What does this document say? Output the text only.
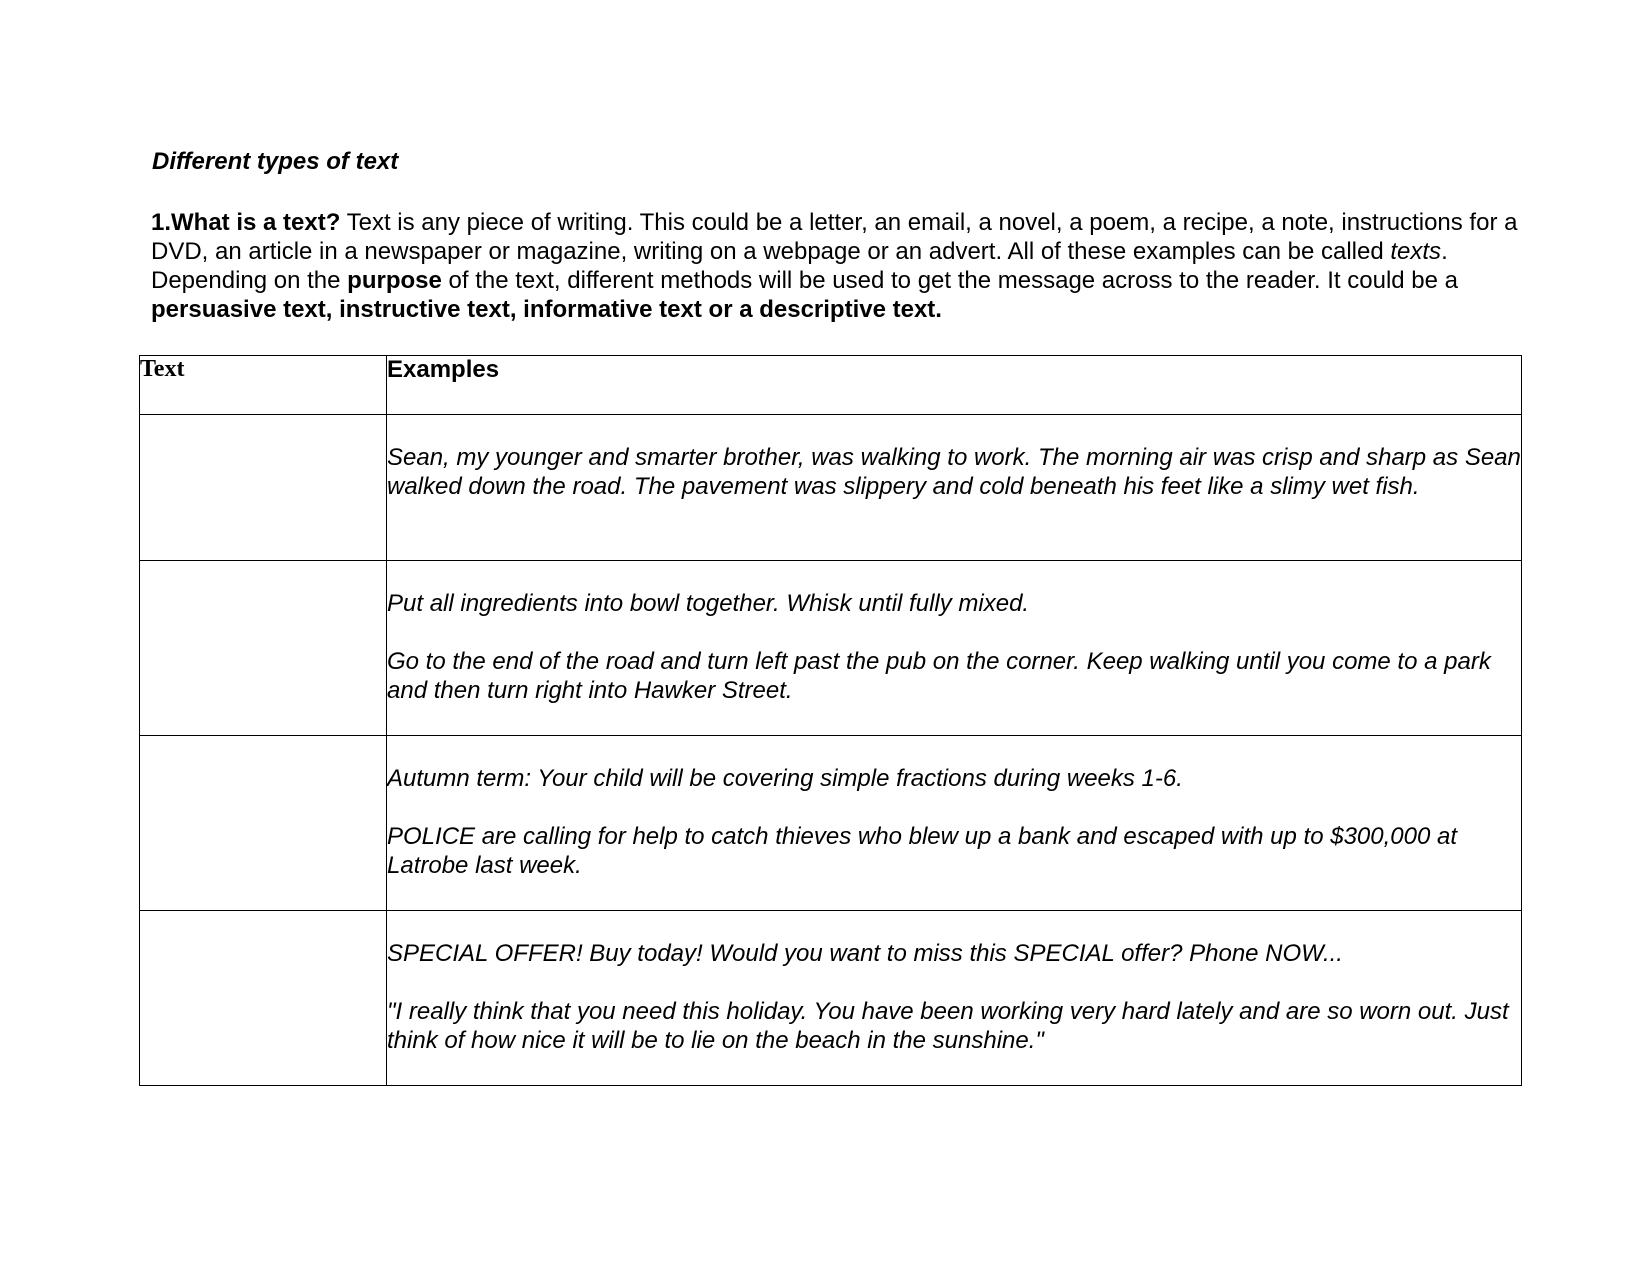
Different types of text

1.What is a text? Text is any piece of writing. This could be a letter, an email, a novel, a poem, a recipe, a note, instructions for a DVD, an article in a newspaper or magazine, writing on a webpage or an advert. All of these examples can be called texts. Depending on the purpose of the text, different methods will be used to get the message across to the reader. It could be a persuasive text, instructive text, informative text or a descriptive text.

Text	Examples

	Sean, my younger and smarter brother, was walking to work. The morning air was crisp and sharp as Sean walked down the road. The pavement was slippery and cold beneath his feet like a slimy wet fish.

	Put all ingredients into bowl together. Whisk until fully mixed.

Go to the end of the road and turn left past the pub on the corner. Keep walking until you come to a park and then turn right into Hawker Street.

	Autumn term: Your child will be covering simple fractions during weeks 1-6.

POLICE are calling for help to catch thieves who blew up a bank and escaped with up to $300,000 at Latrobe last week.

	SPECIAL OFFER! Buy today! Would you want to miss this SPECIAL offer? Phone NOW...

"I really think that you need this holiday. You have been working very hard lately and are so worn out. Just think of how nice it will be to lie on the beach in the sunshine."
